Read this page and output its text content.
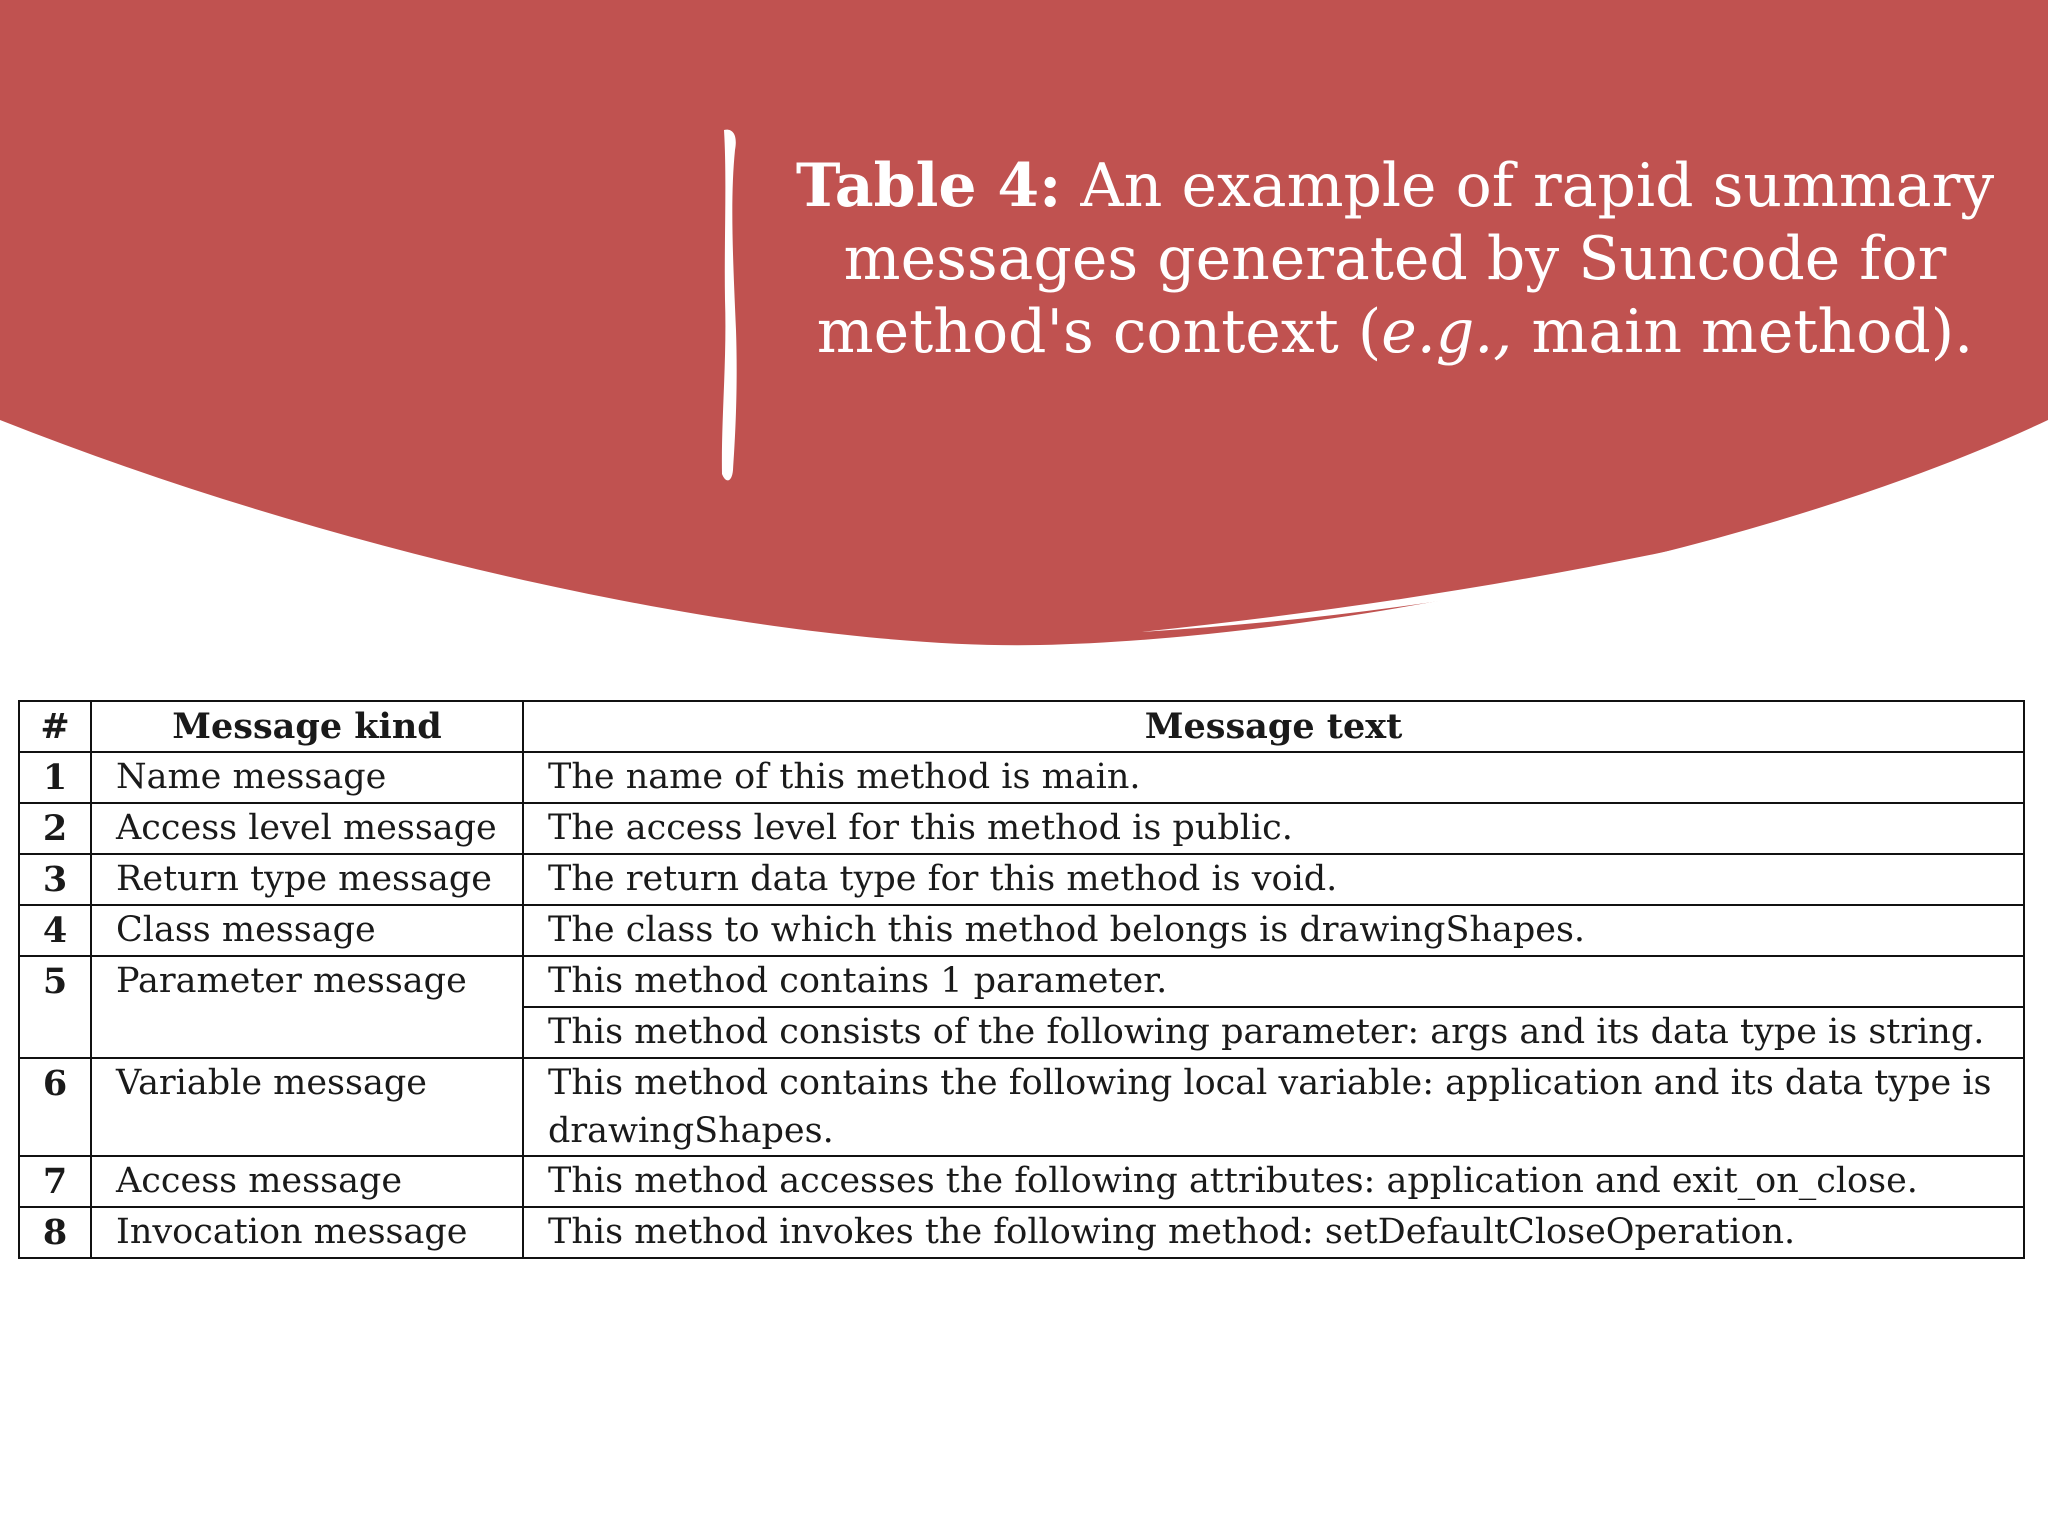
Table 4: An example of rapid summary messages generated by Suncode for method's context (e.g., main method).
#	Message kind	Message text
1	Name message	The name of this method is main.
2	Access level message	The access level for this method is public.
3	Return type message	The return data type for this method is void.
4	Class message	The class to which this method belongs is drawingShapes.
5	Parameter message	This method contains 1 parameter.
		This method consists of the following parameter: args and its data type is string.
6	Variable message	This method contains the following local variable: application and its data type is drawingShapes.
7	Access message	This method accesses the following attributes: application and exit_on_close.
8	Invocation message	This method invokes the following method: setDefaultCloseOperation.
